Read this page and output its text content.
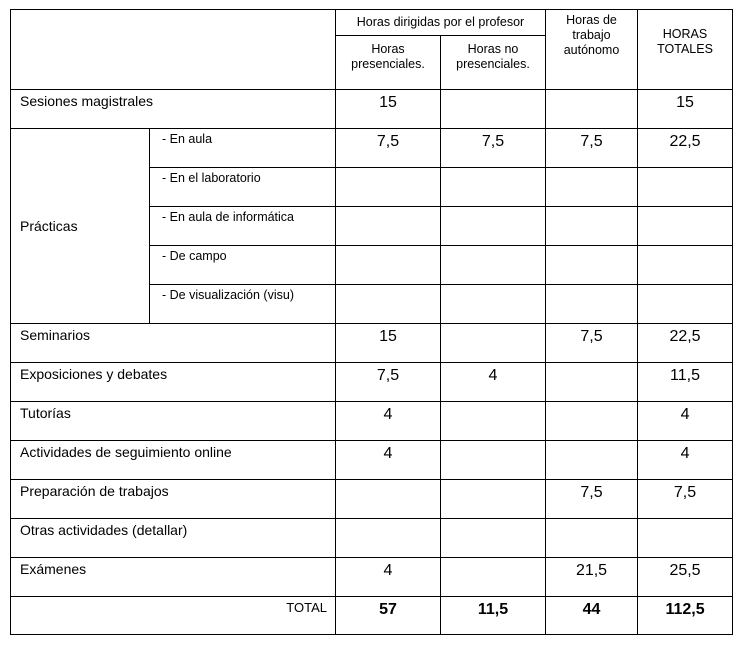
		Horas dirigidas por el profesor		Horas de trabajo autónomo	HORAS TOTALES
		Horas presenciales.	Horas no presenciales.		
Sesiones magistrales		15			15
Prácticas	- En aula	7,5	7,5	7,5	22,5
	- En el laboratorio				
	- En aula de informática				
	- De campo				
	- De visualización (visu)				
Seminarios		15		7,5	22,5
Exposiciones y debates		7,5	4		11,5
Tutorías		4			4
Actividades de seguimiento online		4			4
Preparación de trabajos				7,5	7,5
Otras actividades (detallar)					
Exámenes		4		21,5	25,5
TOTAL		57	11,5	44	112,5
